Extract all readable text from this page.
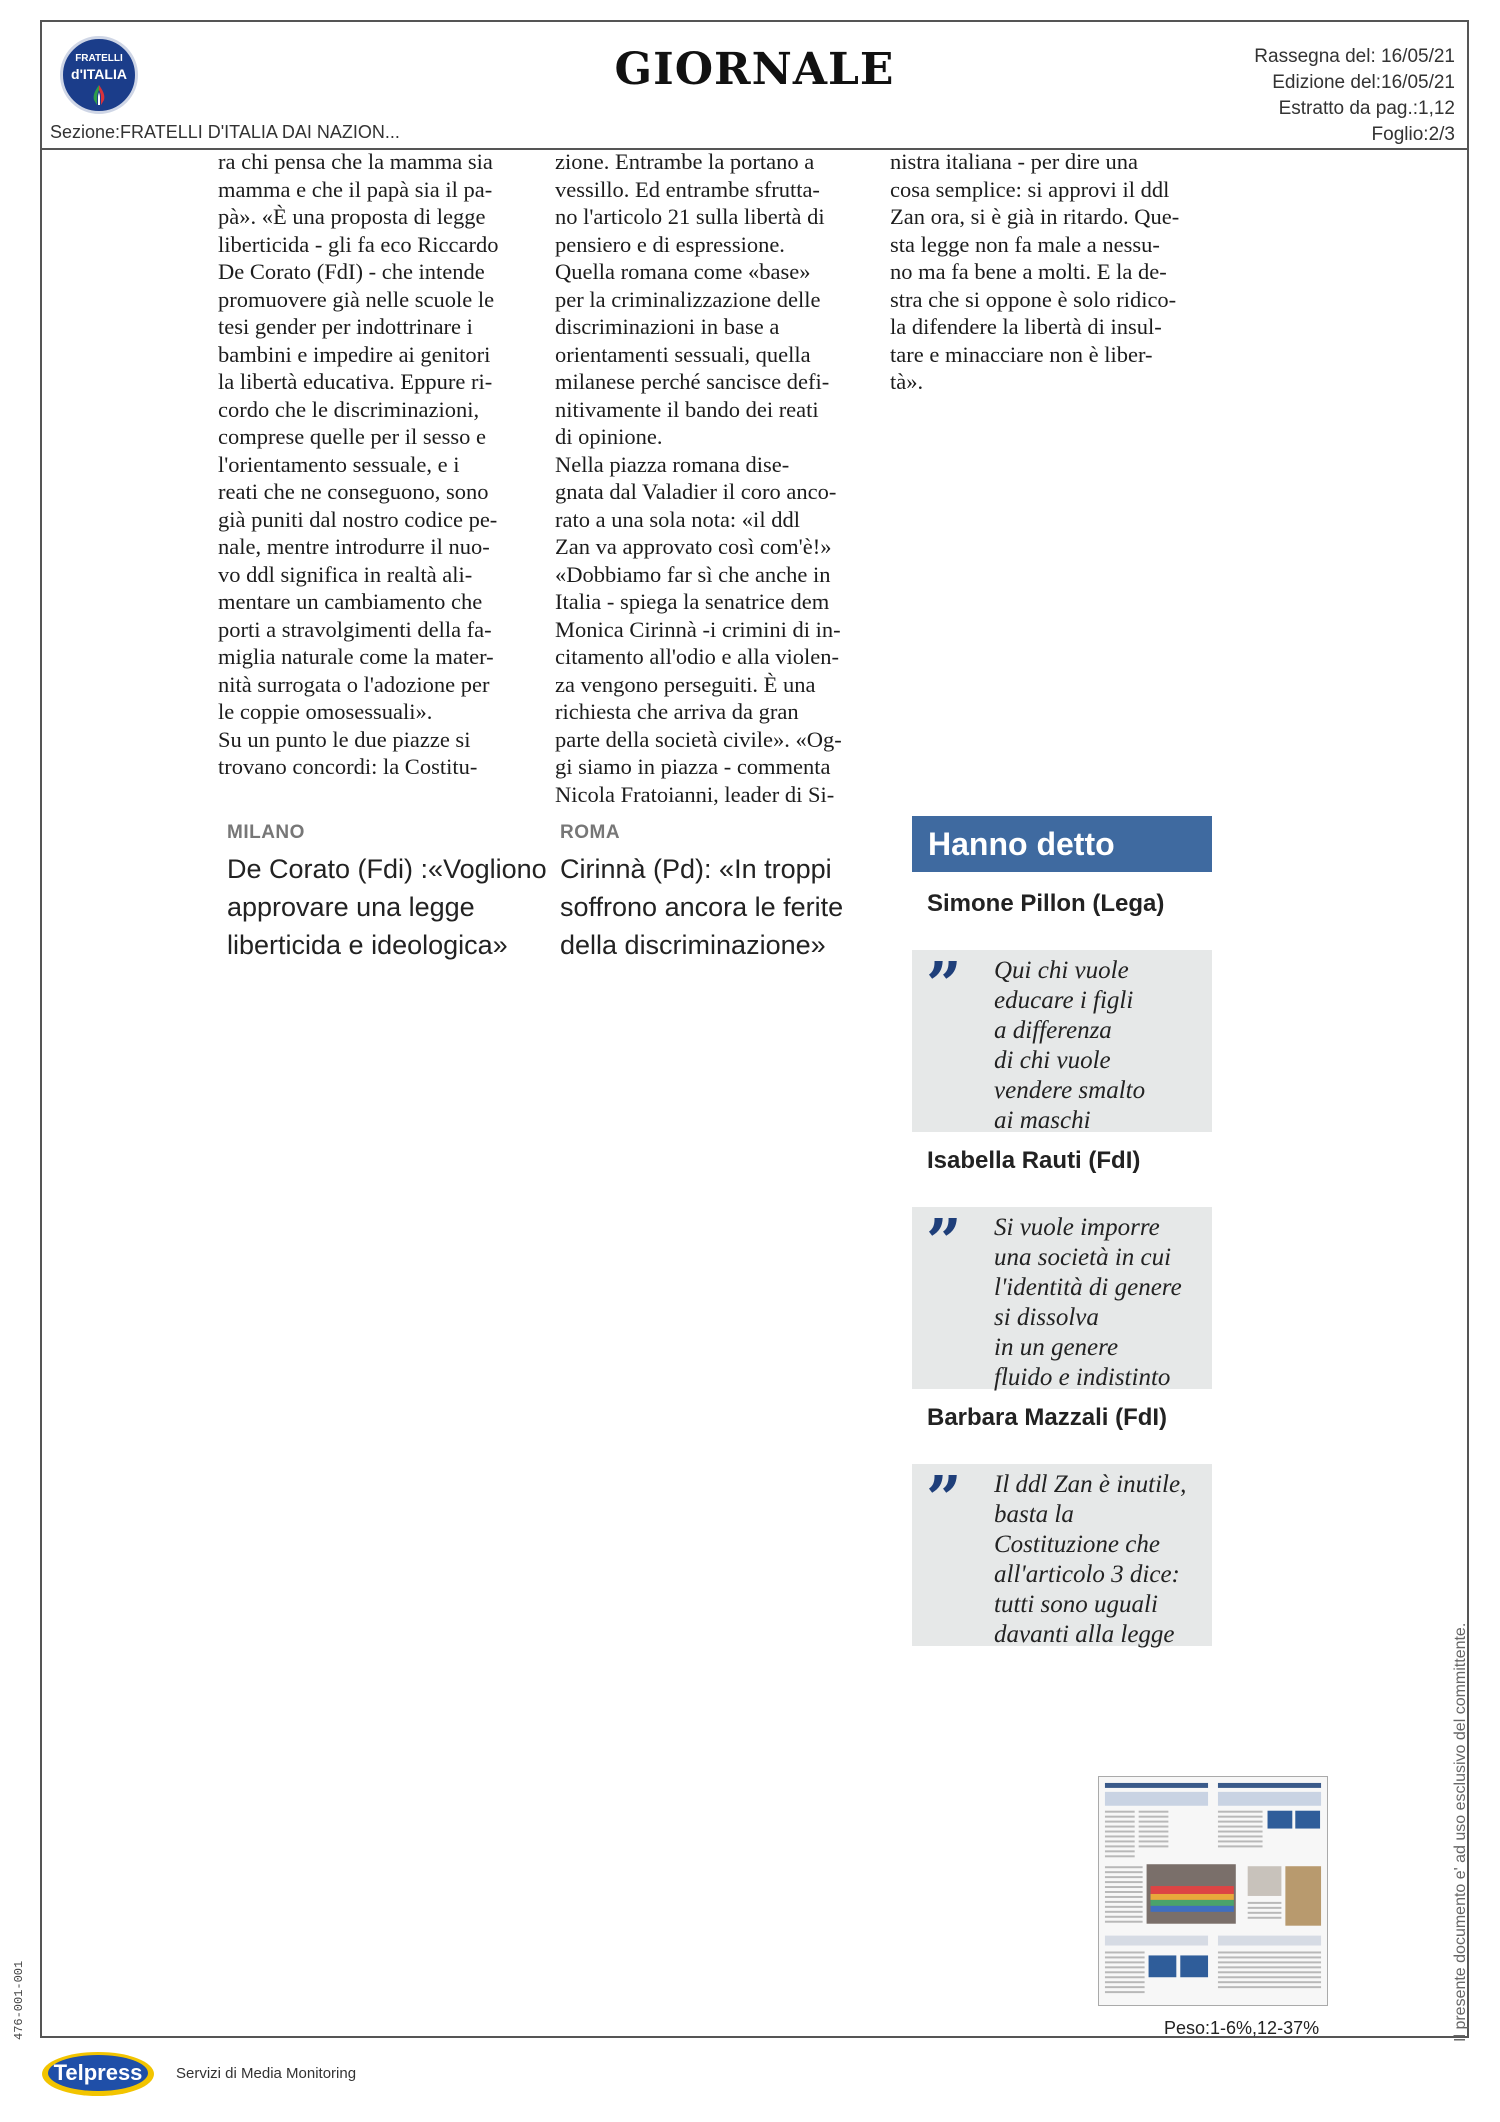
FRATELLI
d'ITALIA	GIORNALE	Rassegna del: 16/05/21
Edizione del:16/05/21
Estratto da pag.:1,12
Foglio:2/3
Sezione:FRATELLI D'ITALIA DAI NAZION...
ra chi pensa che la mamma sia
mamma e che il papà sia il pa-
pà». «È una proposta di legge
liberticida - gli fa eco Riccardo
De Corato (FdI) - che intende
promuovere già nelle scuole le
tesi gender per indottrinare i
bambini e impedire ai genitori
la libertà educativa. Eppure ri-
cordo che le discriminazioni,
comprese quelle per il sesso e
l'orientamento sessuale, e i
reati che ne conseguono, sono
già puniti dal nostro codice pe-
nale, mentre introdurre il nuo-
vo ddl significa in realtà ali-
mentare un cambiamento che
porti a stravolgimenti della fa-
miglia naturale come la mater-
nità surrogata o l'adozione per
le coppie omosessuali».
Su un punto le due piazze si
trovano concordi: la Costitu-
zione. Entrambe la portano a
vessillo. Ed entrambe sfrutta-
no l'articolo 21 sulla libertà di
pensiero e di espressione.
Quella romana come «base»
per la criminalizzazione delle
discriminazioni in base a
orientamenti sessuali, quella
milanese perché sancisce defi-
nitivamente il bando dei reati
di opinione.
Nella piazza romana dise-
gnata dal Valadier il coro anco-
rato a una sola nota: «il ddl
Zan va approvato così com'è!»
«Dobbiamo far sì che anche in
Italia - spiega la senatrice dem
Monica Cirinnà -i crimini di in-
citamento all'odio e alla violen-
za vengono perseguiti. È una
richiesta che arriva da gran
parte della società civile». «Og-
gi siamo in piazza - commenta
Nicola Fratoianni, leader di Si-
nistra italiana - per dire una
cosa semplice: si approvi il ddl
Zan ora, si è già in ritardo. Que-
sta legge non fa male a nessu-
no ma fa bene a molti. E la de-
stra che si oppone è solo ridico-
la difendere la libertà di insul-
tare e minacciare non è liber-
tà».
MILANO
De Corato (Fdi) :«Vogliono approvare una legge liberticida e ideologica»
ROMA
Cirinnà (Pd): «In troppi soffrono ancora le ferite della discriminazione»
Hanno detto
Simone Pillon (Lega)
” Qui chi vuole
educare i figli
a differenza
di chi vuole
vendere smalto
ai maschi
Isabella Rauti (FdI)
” Si vuole imporre
una società in cui
l'identità di genere
si dissolva
in un genere
fluido e indistinto
Barbara Mazzali (FdI)
” Il ddl Zan è inutile,
basta la
Costituzione che
all'articolo 3 dice:
tutti sono uguali
davanti alla legge
Peso:1-6%,12-37%	Il presente documento e' ad uso esclusivo del committente.
476-001-001
Telpress Servizi di Media Monitoring
